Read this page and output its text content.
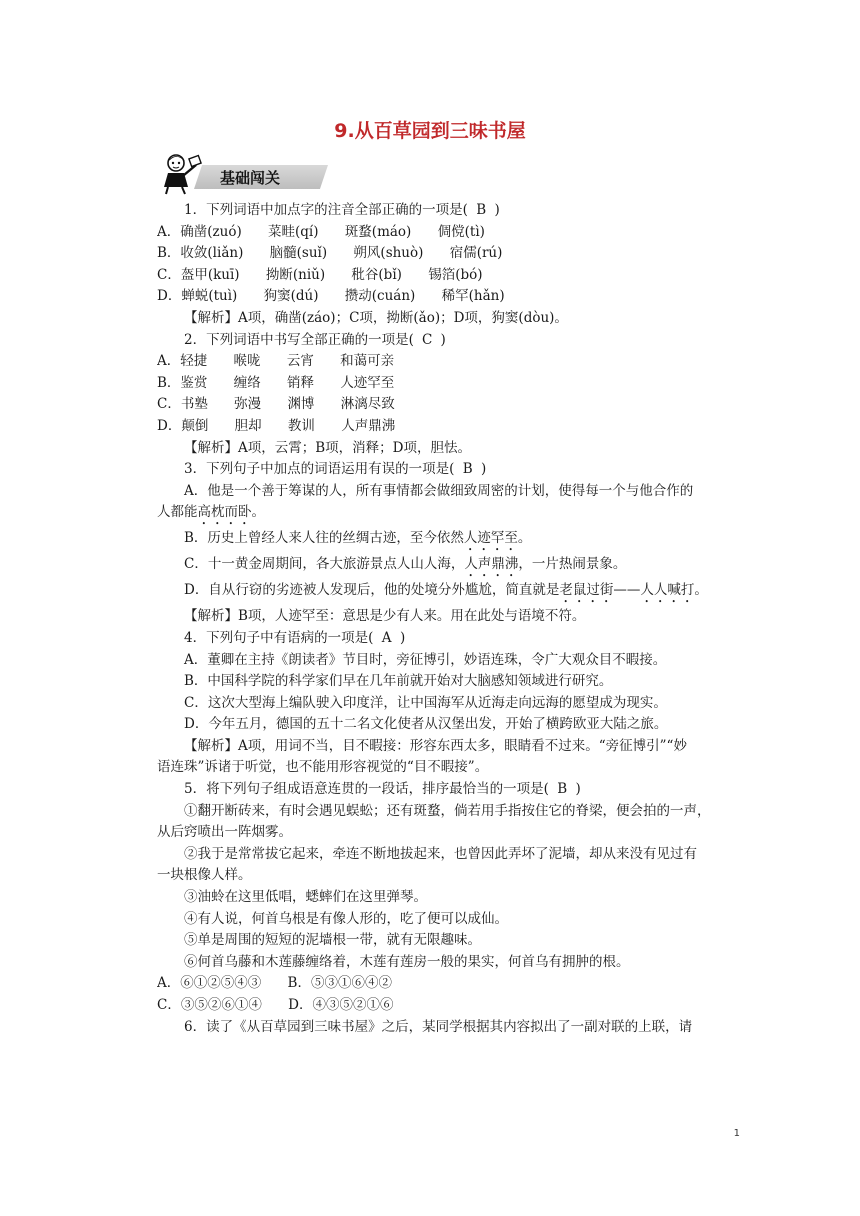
9.从百草园到三味书屋
基础闯关
1．下列词语中加点字的注音全部正确的一项是( B )
A．确凿(zuó) 菜畦(qí) 斑蝥(máo) 倜傥(tì)
B．收敛(liǎn) 脑髓(suǐ) 朔风(shuò) 宿儒(rú)
C．盔甲(kuī) 拗断(niǔ) 秕谷(bǐ) 锡箔(bó)
D．蝉蜕(tuì) 狗窦(dú) 攒动(cuán) 稀罕(hǎn)
【解析】A项，确凿(záo)；C项，拗断(ǎo)；D项，狗窦(dòu)。
2．下列词语中书写全部正确的一项是( C )
A．轻捷 喉咙 云宵 和蔼可亲
B．鉴赏 缠络 销释 人迹罕至
C．书塾 弥漫 渊博 淋漓尽致
D．颠倒 胆却 教训 人声鼎沸
【解析】A项，云霄；B项，消释；D项，胆怯。
3．下列句子中加点的词语运用有误的一项是( B )
A．他是一个善于筹谋的人，所有事情都会做细致周密的计划，使得每一个与他合作的
人都能高枕而卧。
B．历史上曾经人来人往的丝绸古迹，至今依然人迹罕至。
C．十一黄金周期间，各大旅游景点人山人海，人声鼎沸，一片热闹景象。
D．自从行窃的劣迹被人发现后，他的处境分外尴尬，简直就是老鼠过街——人人喊打。
【解析】B项，人迹罕至：意思是少有人来。用在此处与语境不符。
4．下列句子中有语病的一项是( A )
A．董卿在主持《朗读者》节目时，旁征博引，妙语连珠，令广大观众目不暇接。
B．中国科学院的科学家们早在几年前就开始对大脑感知领域进行研究。
C．这次大型海上编队驶入印度洋，让中国海军从近海走向远海的愿望成为现实。
D．今年五月，德国的五十二名文化使者从汉堡出发，开始了横跨欧亚大陆之旅。
【解析】A项，用词不当，目不暇接：形容东西太多，眼睛看不过来。“旁征博引”“妙
语连珠”诉诸于听觉，也不能用形容视觉的“目不暇接”。
5．将下列句子组成语意连贯的一段话，排序最恰当的一项是( B )
①翻开断砖来，有时会遇见蜈蚣；还有斑蝥，倘若用手指按住它的脊梁，便会拍的一声，
从后窍喷出一阵烟雾。
②我于是常常拔它起来，牵连不断地拔起来，也曾因此弄坏了泥墙，却从来没有见过有
一块根像人样。
③油蛉在这里低唱，蟋蟀们在这里弹琴。
④有人说，何首乌根是有像人形的，吃了便可以成仙。
⑤单是周围的短短的泥墙根一带，就有无限趣味。
⑥何首乌藤和木莲藤缠络着，木莲有莲房一般的果实，何首乌有拥肿的根。
A．⑥①②⑤④③ B．⑤③①⑥④②
C．③⑤②⑥①④ D．④③⑤②①⑥
6．读了《从百草园到三味书屋》之后，某同学根据其内容拟出了一副对联的上联，请
1
